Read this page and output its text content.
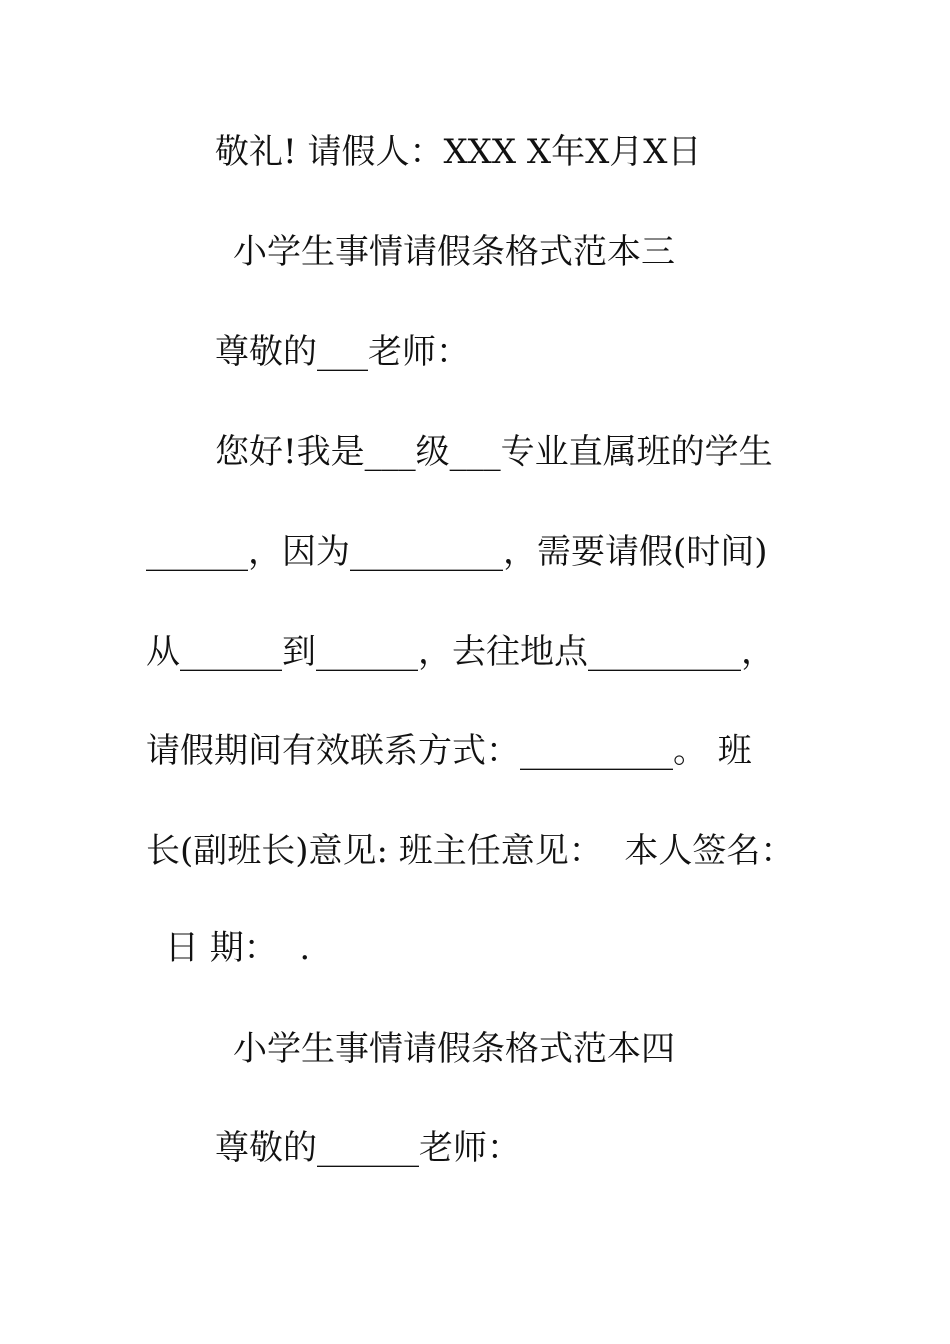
敬礼! 请假人：XXX X年X月X日
小学生事情请假条格式范本三
尊敬的___老师：
您好!我是___级___专业直属班的学生
______，因为_________，需要请假(时间)
从______到______，去往地点_________，
请假期间有效联系方式：_________。 班
长(副班长)意见: 班主任意见：  本人签名：
日 期：  .
小学生事情请假条格式范本四
尊敬的______老师：
